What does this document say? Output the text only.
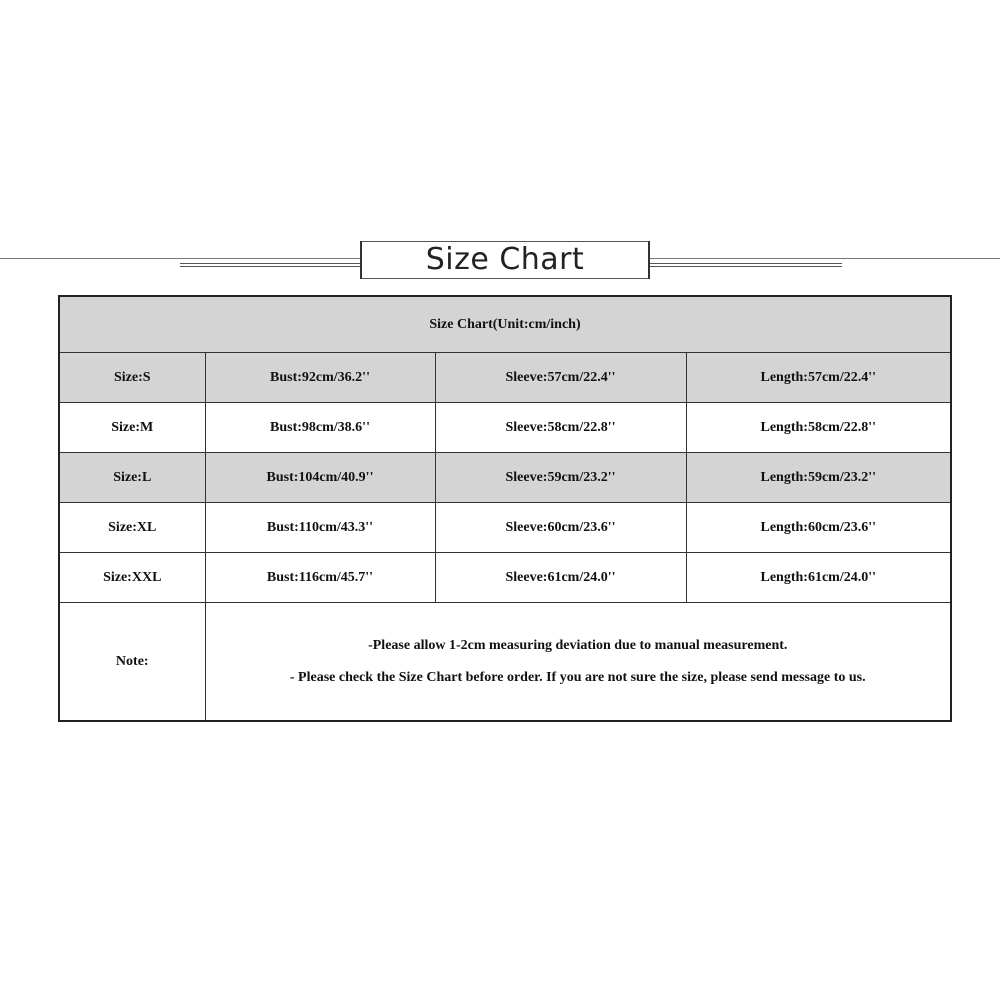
Size Chart
Size Chart(Unit:cm/inch)			
Size:S	Bust:92cm/36.2''	Sleeve:57cm/22.4''	Length:57cm/22.4''
Size:M	Bust:98cm/38.6''	Sleeve:58cm/22.8''	Length:58cm/22.8''
Size:L	Bust:104cm/40.9''	Sleeve:59cm/23.2''	Length:59cm/23.2''
Size:XL	Bust:110cm/43.3''	Sleeve:60cm/23.6''	Length:60cm/23.6''
Size:XXL	Bust:116cm/45.7''	Sleeve:61cm/24.0''	Length:61cm/24.0''
Note:	-Please allow 1-2cm measuring deviation due to manual measurement.
- Please check the Size Chart before order. If you are not sure the size, please send message to us.		
